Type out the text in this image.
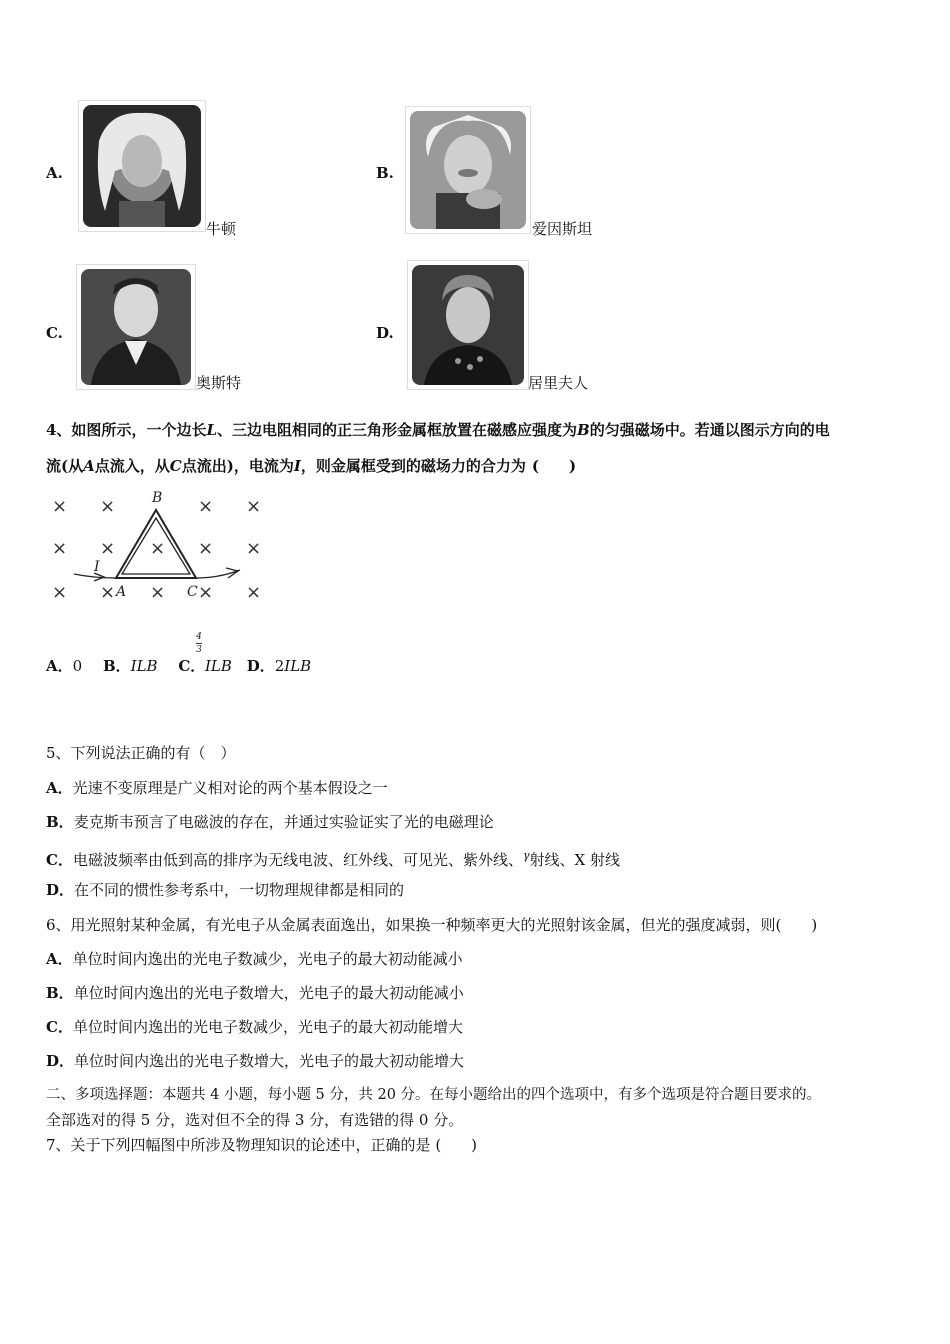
A.
牛顿
B.
爱因斯坦
C.
奥斯特
D.
居里夫人
4、如图所示，一个边长L、三边电阻相同的正三角形金属框放置在磁感应强度为B的匀强磁场中。若通以图示方向的电
流(从A点流入，从C点流出)，电流为I，则金属框受到的磁场力的合力为 (　　)
× ×	× ×
× × × × ×
× × × × ×
B
A	C
I
A．0 B．ILB C．
4
3
ILB D．2ILB
5、下列说法正确的有（　）
A．光速不变原理是广义相对论的两个基本假设之一
B．麦克斯韦预言了电磁波的存在，并通过实验证实了光的电磁理论
C．电磁波频率由低到高的排序为无线电波、红外线、可见光、紫外线、$^\gamma$射线、X 射线
D．在不同的惯性参考系中，一切物理规律都是相同的
6、用光照射某种金属，有光电子从金属表面逸出，如果换一种频率更大的光照射该金属，但光的强度减弱，则(　　)
A．单位时间内逸出的光电子数减少，光电子的最大初动能减小
B．单位时间内逸出的光电子数增大，光电子的最大初动能减小
C．单位时间内逸出的光电子数减少，光电子的最大初动能增大
D．单位时间内逸出的光电子数增大，光电子的最大初动能增大
二、多项选择题：本题共 4 小题，每小题 5 分，共 20 分。在每小题给出的四个选项中，有多个选项是符合题目要求的。
全部选对的得 5 分，选对但不全的得 3 分，有选错的得 0 分。
7、关于下列四幅图中所涉及物理知识的论述中，正确的是 (　　)
